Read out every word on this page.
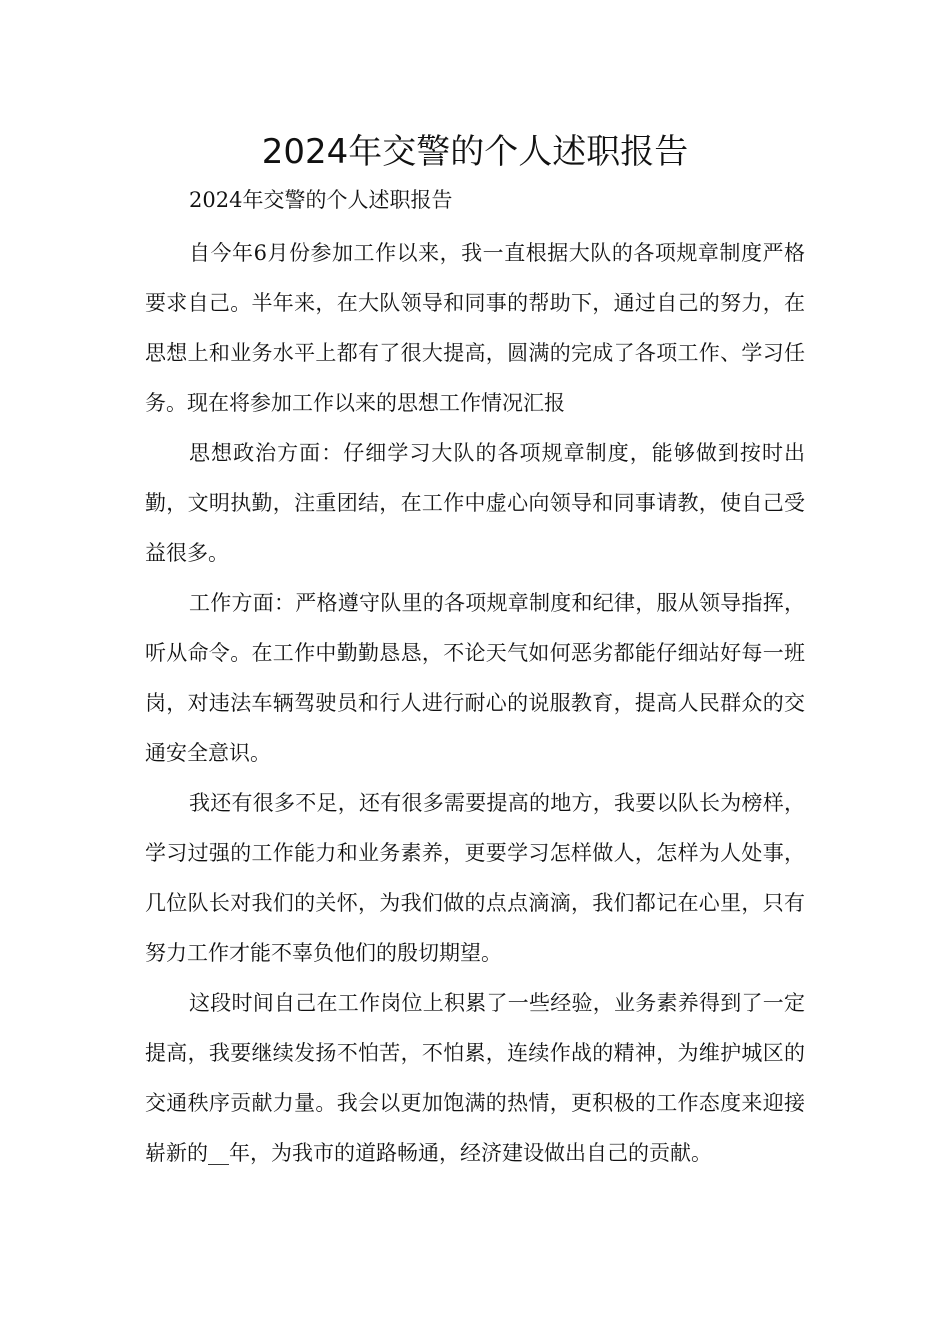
2024年交警的个人述职报告

2024年交警的个人述职报告

自今年6月份参加工作以来，我一直根据大队的各项规章制度严格要求自己。半年来，在大队领导和同事的帮助下，通过自己的努力，在思想上和业务水平上都有了很大提高，圆满的完成了各项工作、学习任务。现在将参加工作以来的思想工作情况汇报

思想政治方面：仔细学习大队的各项规章制度，能够做到按时出勤，文明执勤，注重团结，在工作中虚心向领导和同事请教，使自己受益很多。

工作方面：严格遵守队里的各项规章制度和纪律，服从领导指挥，听从命令。在工作中勤勤恳恳，不论天气如何恶劣都能仔细站好每一班岗，对违法车辆驾驶员和行人进行耐心的说服教育，提高人民群众的交通安全意识。

我还有很多不足，还有很多需要提高的地方，我要以队长为榜样，学习过强的工作能力和业务素养，更要学习怎样做人，怎样为人处事，几位队长对我们的关怀，为我们做的点点滴滴，我们都记在心里，只有努力工作才能不辜负他们的殷切期望。

这段时间自己在工作岗位上积累了一些经验，业务素养得到了一定提高，我要继续发扬不怕苦，不怕累，连续作战的精神，为维护城区的交通秩序贡献力量。我会以更加饱满的热情，更积极的工作态度来迎接崭新的__年，为我市的道路畅通，经济建设做出自己的贡献。
